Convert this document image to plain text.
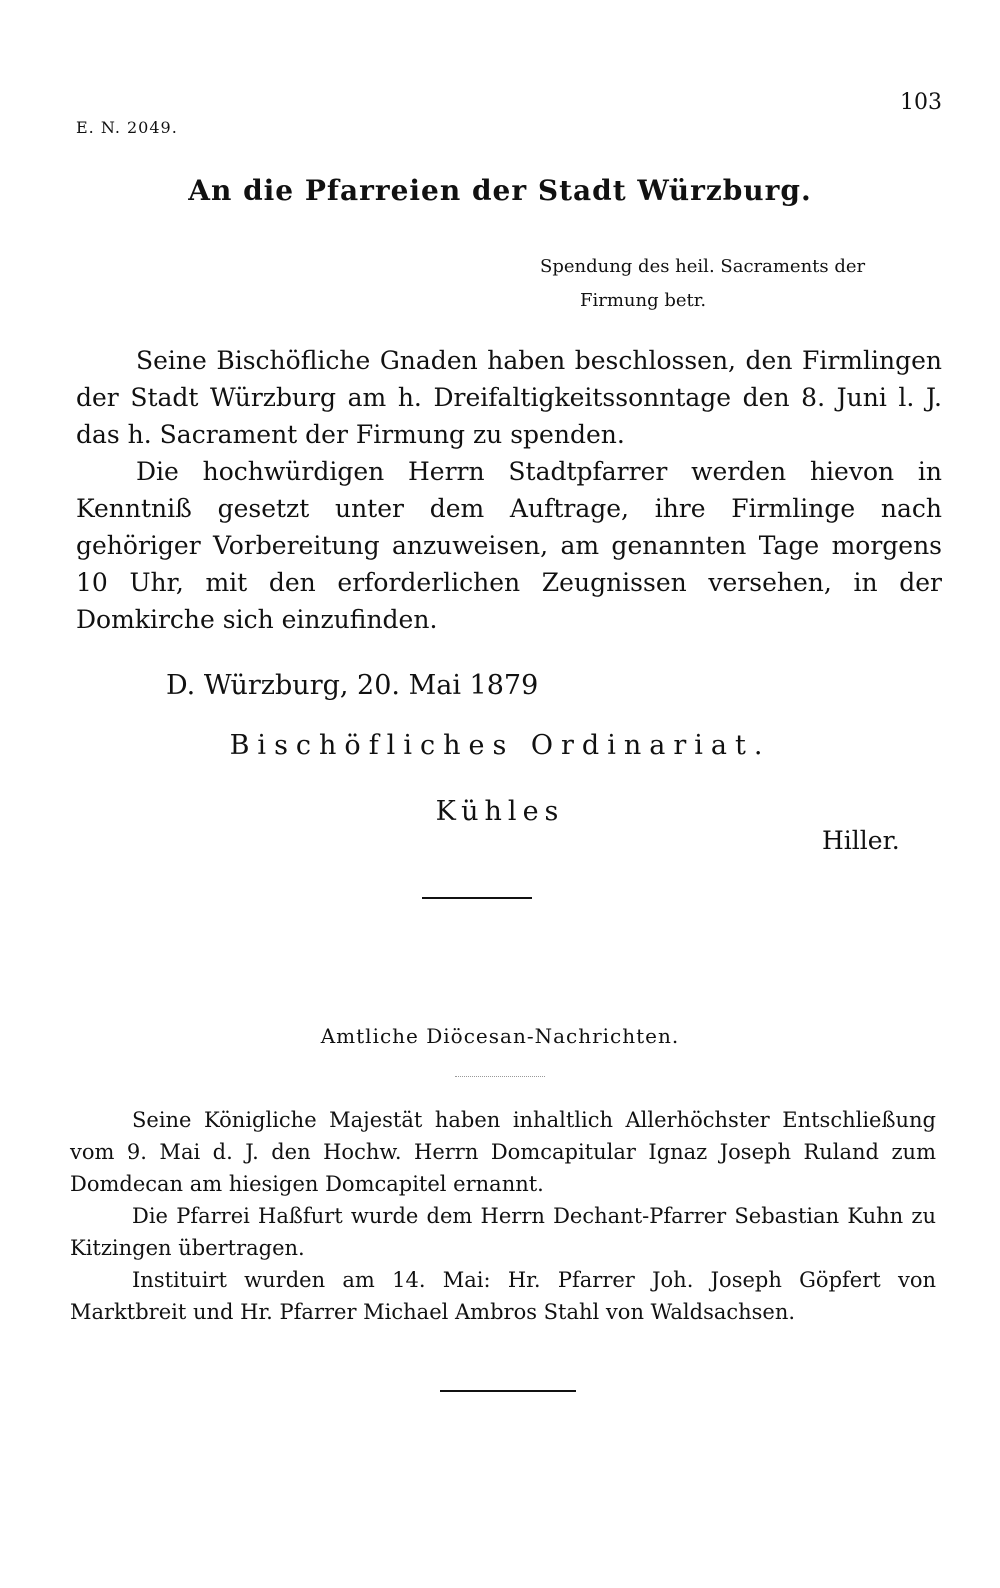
E. N. 2049.
103
An die Pfarreien der Stadt Würzburg.
Spendung des heil. Sacraments der
Firmung betr.

Seine Bischöfliche Gnaden haben beschlossen, den Firmlingen der Stadt Würzburg am h. Dreifaltigkeitssonntage den 8. Juni l. J. das h. Sacrament der Firmung zu spenden.

Die hochwürdigen Herrn Stadtpfarrer werden hievon in Kenntniß gesetzt unter dem Auftrage, ihre Firmlinge nach gehöriger Vorbereitung anzuweisen, am genannten Tage morgens 10 Uhr, mit den erforderlichen Zeugnissen versehen, in der Domkirche sich einzufinden.

D. Würzburg, 20. Mai 1879
Bischöfliches Ordinariat.
Kühles
Hiller.
Amtliche Diöcesan-Nachrichten.

Seine Königliche Majestät haben inhaltlich Allerhöchster Entschließung vom 9. Mai d. J. den Hochw. Herrn Domcapitular Ignaz Joseph Ruland zum Domdecan am hiesigen Domcapitel ernannt.

Die Pfarrei Haßfurt wurde dem Herrn Dechant-Pfarrer Sebastian Kuhn zu Kitzingen übertragen.

Instituirt wurden am 14. Mai: Hr. Pfarrer Joh. Joseph Göpfert von Marktbreit und Hr. Pfarrer Michael Ambros Stahl von Waldsachsen.
